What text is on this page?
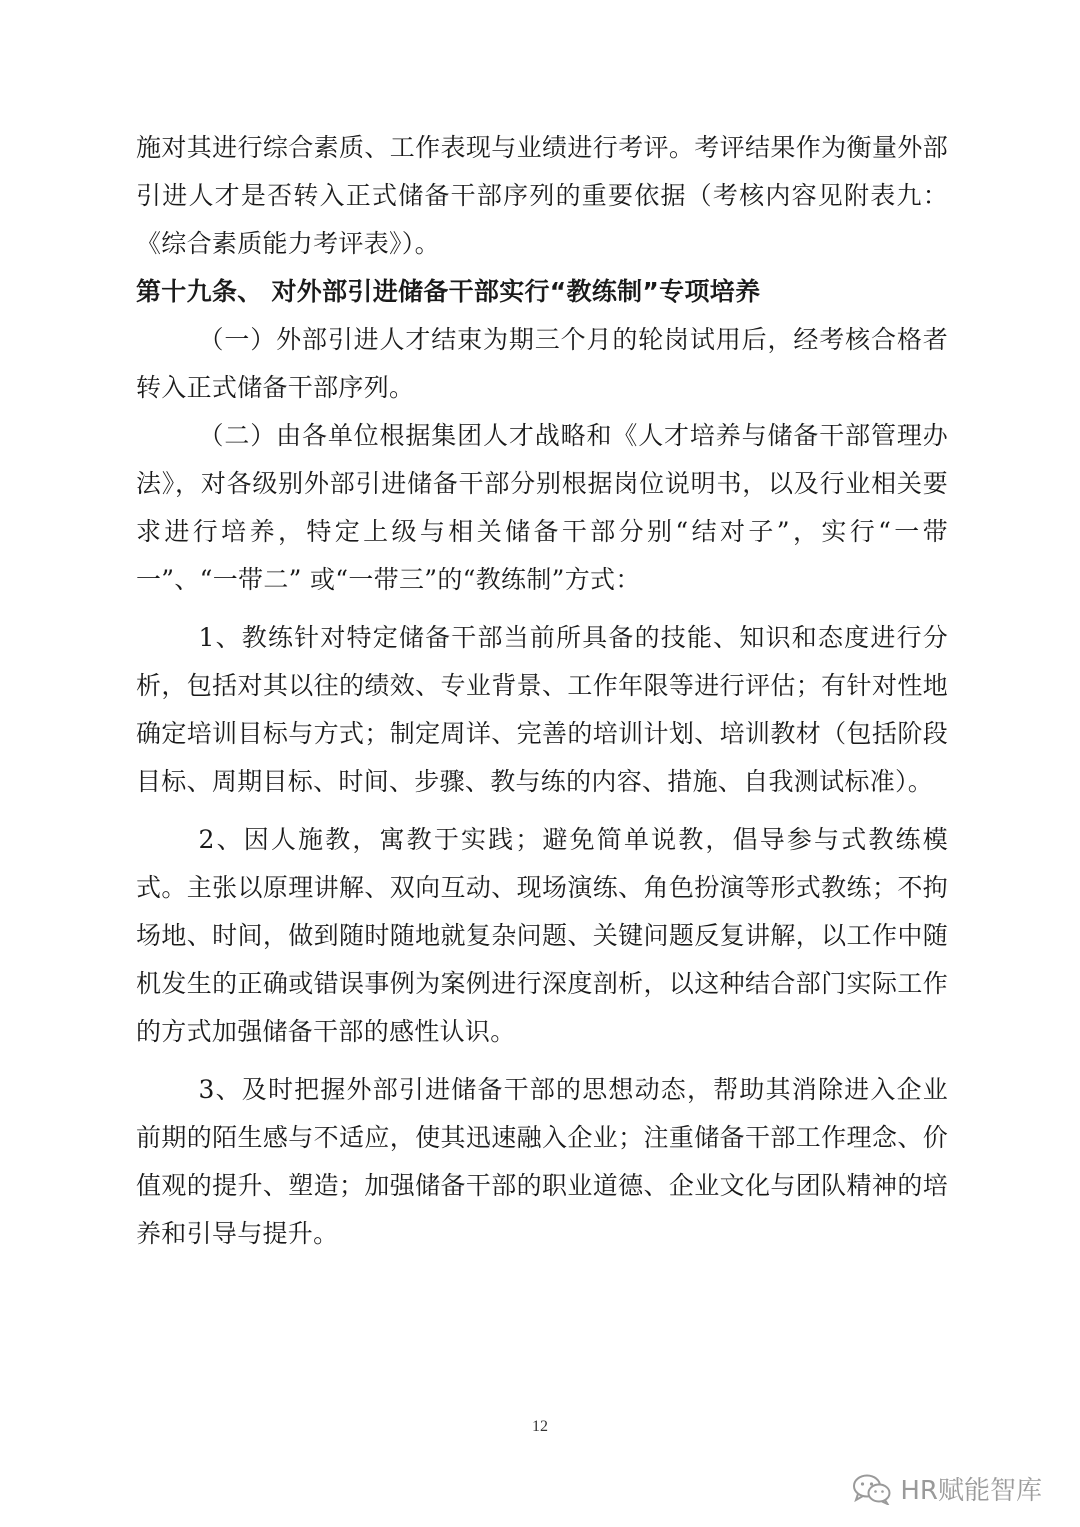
施对其进行综合素质、工作表现与业绩进行考评。考评结果作为衡量外部引进人才是否转入正式储备干部序列的重要依据（考核内容见附表九：《综合素质能力考评表》）。

第十九条、 对外部引进储备干部实行“教练制”专项培养

（一）外部引进人才结束为期三个月的轮岗试用后，经考核合格者转入正式储备干部序列。

（二）由各单位根据集团人才战略和《人才培养与储备干部管理办法》，对各级别外部引进储备干部分别根据岗位说明书，以及行业相关要求进行培养，特定上级与相关储备干部分别“结对子”，实行“一带一”、“一带二” 或“一带三”的“教练制”方式：

1、教练针对特定储备干部当前所具备的技能、知识和态度进行分析，包括对其以往的绩效、专业背景、工作年限等进行评估；有针对性地确定培训目标与方式；制定周详、完善的培训计划、培训教材（包括阶段目标、周期目标、时间、步骤、教与练的内容、措施、自我测试标准）。

2、因人施教，寓教于实践；避免简单说教，倡导参与式教练模式。主张以原理讲解、双向互动、现场演练、角色扮演等形式教练；不拘场地、时间，做到随时随地就复杂问题、关键问题反复讲解，以工作中随机发生的正确或错误事例为案例进行深度剖析，以这种结合部门实际工作的方式加强储备干部的感性认识。

3、及时把握外部引进储备干部的思想动态，帮助其消除进入企业前期的陌生感与不适应，使其迅速融入企业；注重储备干部工作理念、价值观的提升、塑造；加强储备干部的职业道德、企业文化与团队精神的培养和引导与提升。

12
HR赋能智库
